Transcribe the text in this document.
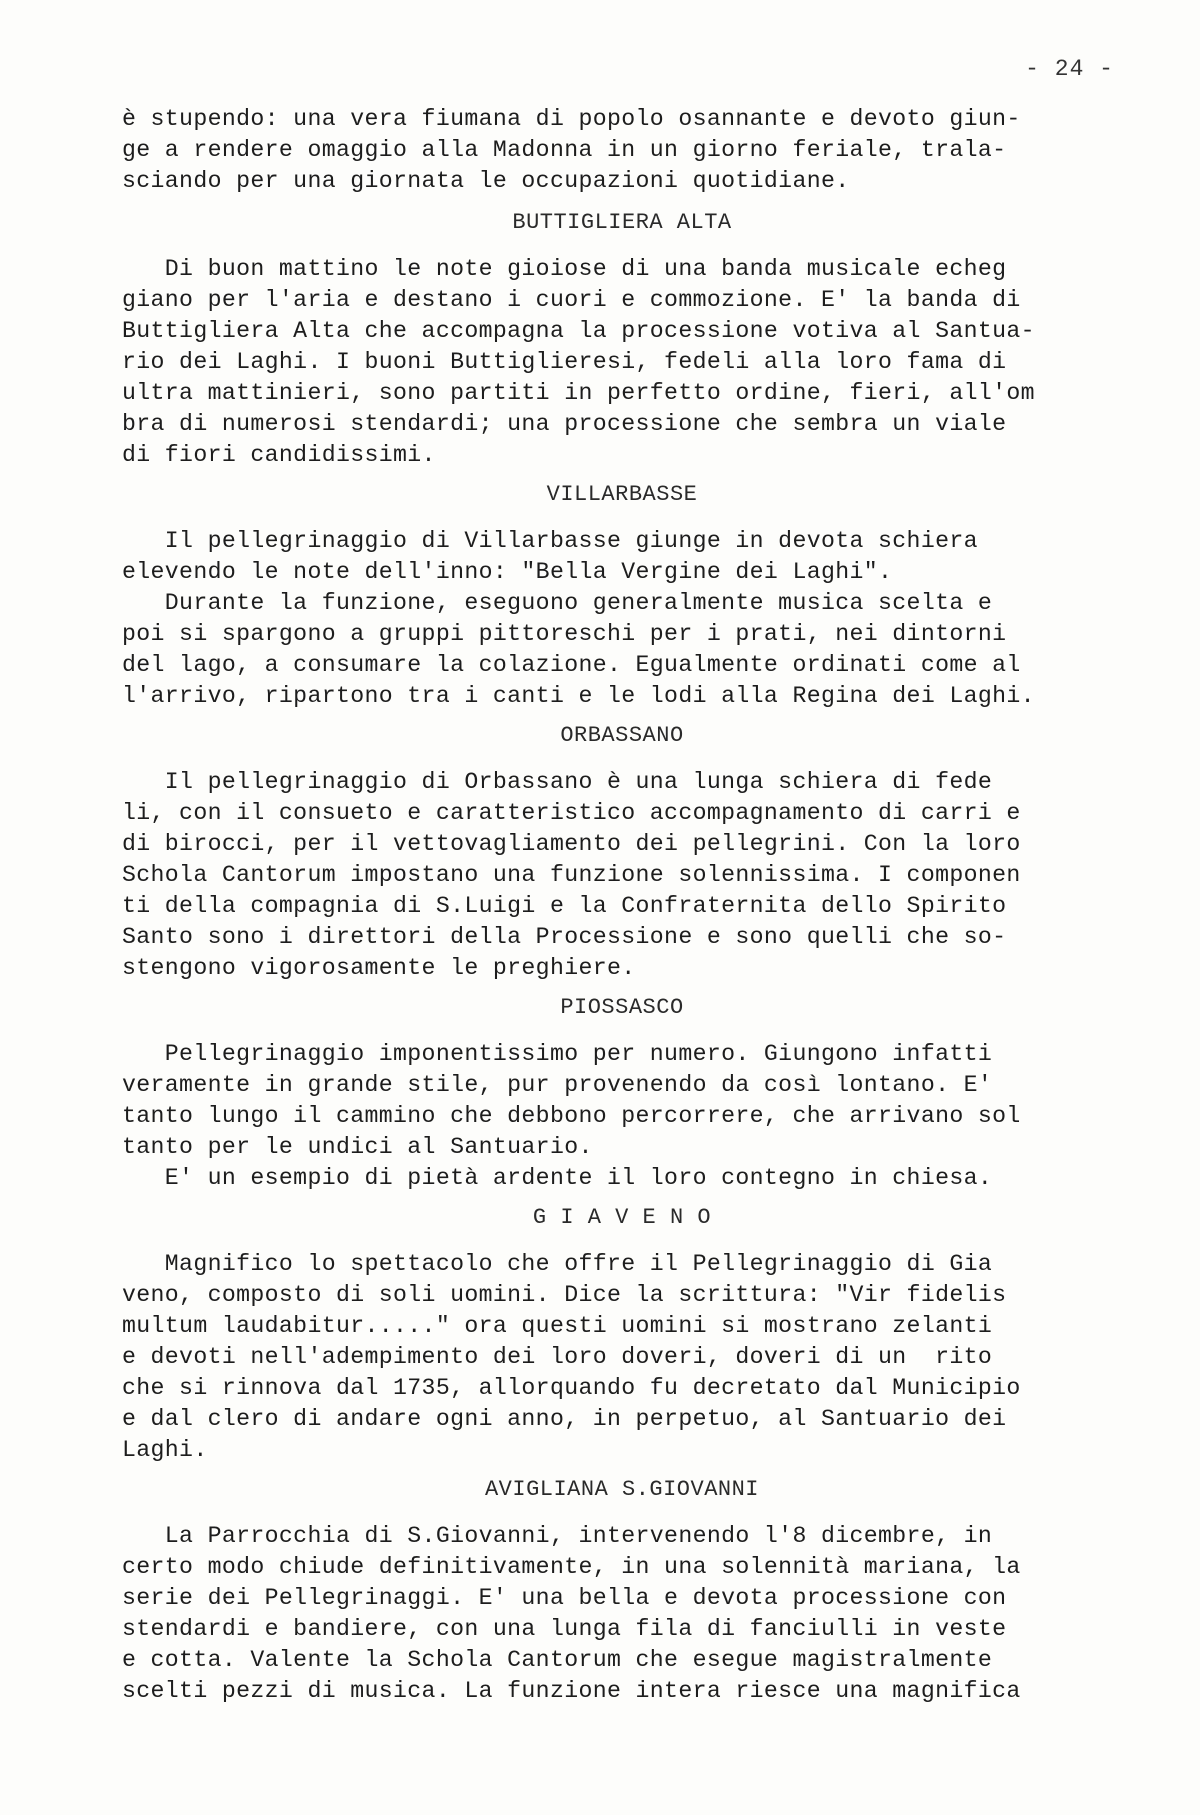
- 24 -
è stupendo: una vera fiumana di popolo osannante e devoto giun-
ge a rendere omaggio alla Madonna in un giorno feriale, trala-
sciando per una giornata le occupazioni quotidiane.
BUTTIGLIERA ALTA
Di buon mattino le note gioiose di una banda musicale echeg
giano per l'aria e destano i cuori e commozione. E' la banda di
Buttigliera Alta che accompagna la processione votiva al Santua-
rio dei Laghi. I buoni Buttiglieresi, fedeli alla loro fama di
ultra mattinieri, sono partiti in perfetto ordine, fieri, all'om
bra di numerosi stendardi; una processione che sembra un viale
di fiori candidissimi.
VILLARBASSE
Il pellegrinaggio di Villarbasse giunge in devota schiera
elevendo le note dell'inno: "Bella Vergine dei Laghi".
Durante la funzione, eseguono generalmente musica scelta e
poi si spargono a gruppi pittoreschi per i prati, nei dintorni
del lago, a consumare la colazione. Egualmente ordinati come al
l'arrivo, ripartono tra i canti e le lodi alla Regina dei Laghi.
ORBASSANO
Il pellegrinaggio di Orbassano è una lunga schiera di fede
li, con il consueto e caratteristico accompagnamento di carri e
di birocci, per il vettovagliamento dei pellegrini. Con la loro
Schola Cantorum impostano una funzione solennissima. I componen
ti della compagnia di S.Luigi e la Confraternita dello Spirito
Santo sono i direttori della Processione e sono quelli che so-
stengono vigorosamente le preghiere.
PIOSSASCO
Pellegrinaggio imponentissimo per numero. Giungono infatti
veramente in grande stile, pur provenendo da così lontano. E'
tanto lungo il cammino che debbono percorrere, che arrivano sol
tanto per le undici al Santuario.
E' un esempio di pietà ardente il loro contegno in chiesa.
G I A V E N O
Magnifico lo spettacolo che offre il Pellegrinaggio di Gia
veno, composto di soli uomini. Dice la scrittura: "Vir fidelis
multum laudabitur....." ora questi uomini si mostrano zelanti
e devoti nell'adempimento dei loro doveri, doveri di un  rito
che si rinnova dal 1735, allorquando fu decretato dal Municipio
e dal clero di andare ogni anno, in perpetuo, al Santuario dei
Laghi.
AVIGLIANA S.GIOVANNI
La Parrocchia di S.Giovanni, intervenendo l'8 dicembre, in
certo modo chiude definitivamente, in una solennità mariana, la
serie dei Pellegrinaggi. E' una bella e devota processione con
stendardi e bandiere, con una lunga fila di fanciulli in veste
e cotta. Valente la Schola Cantorum che esegue magistralmente
scelti pezzi di musica. La funzione intera riesce una magnifica
